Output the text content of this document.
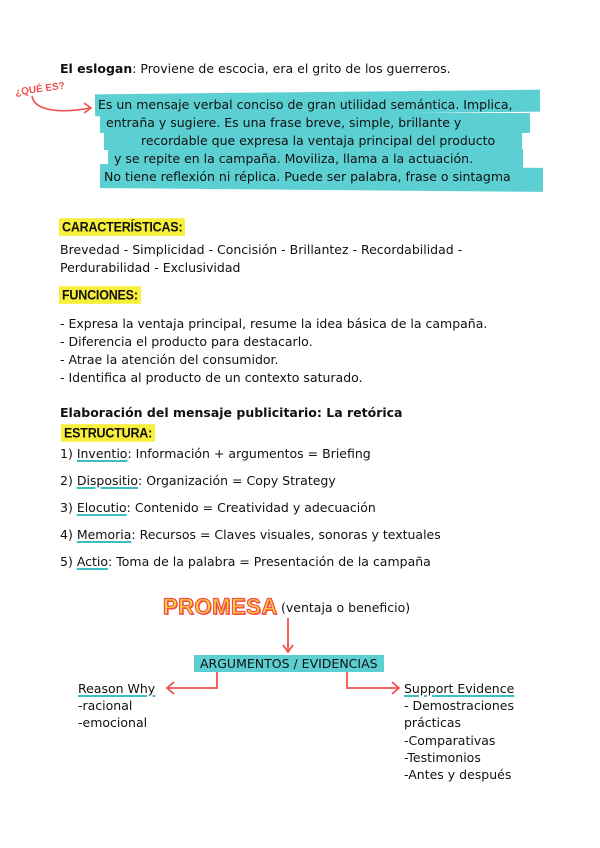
El eslogan: Proviene de escocia, era el grito de los guerreros.
¿QUÉ ES?
Es un mensaje verbal conciso de gran utilidad semántica. Implica,
entraña y sugiere. Es una frase breve, simple, brillante y
recordable que expresa la ventaja principal del producto
y se repite en la campaña. Moviliza, llama a la actuación.
No tiene reflexión ni réplica. Puede ser palabra, frase o sintagma
CARACTERÍSTICAS:
Brevedad - Simplicidad - Concisión - Brillantez - Recordabilidad -
Perdurabilidad - Exclusividad
FUNCIONES:
- Expresa la ventaja principal, resume la idea básica de la campaña.
- Diferencia el producto para destacarlo.
- Atrae la atención del consumidor.
- Identifica al producto de un contexto saturado.
Elaboración del mensaje publicitario: La retórica
ESTRUCTURA:
1) Inventio: Información + argumentos = Briefing
2) Dispositio: Organización = Copy Strategy
3) Elocutio: Contenido = Creatividad y adecuación
4) Memoria: Recursos = Claves visuales, sonoras y textuales
5) Actio: Toma de la palabra = Presentación de la campaña
PROMESA (ventaja o beneficio)
ARGUMENTOS / EVIDENCIAS
Reason Why
-racional
-emocional
Support Evidence
- Demostraciones
prácticas
-Comparativas
-Testimonios
-Antes y después
